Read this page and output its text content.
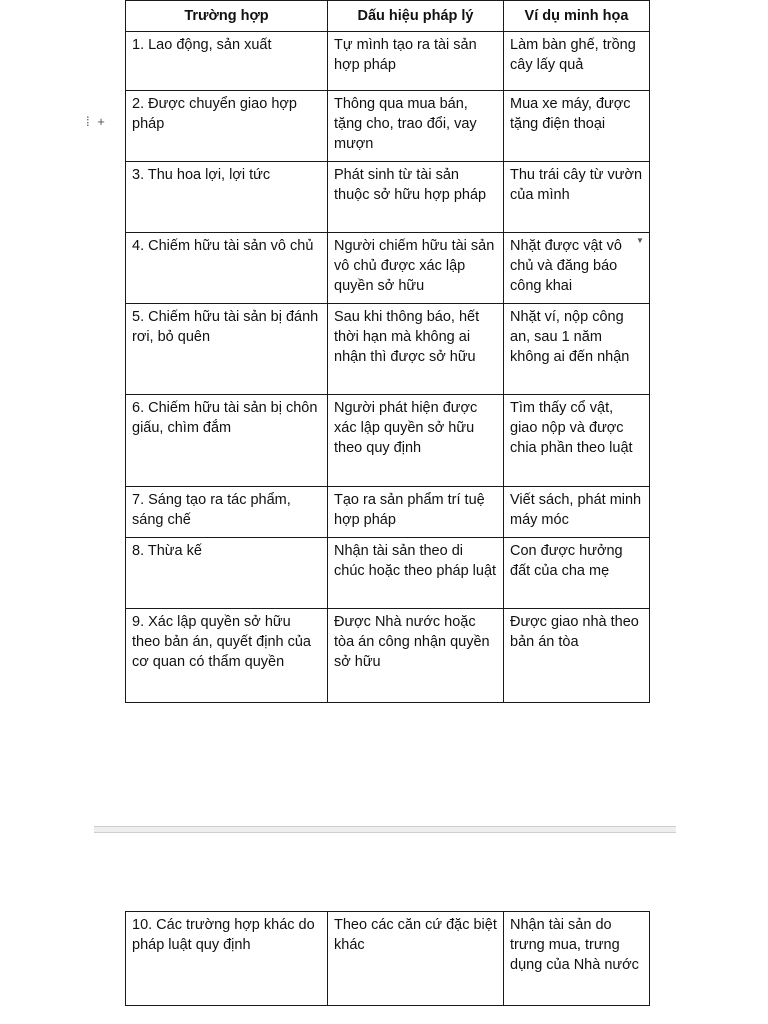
⁞ +
▼
Trường hợp	Dấu hiệu pháp lý	Ví dụ minh họa
1. Lao động, sản xuất	Tự mình tạo ra tài sản hợp pháp	Làm bàn ghế, trồng cây lấy quả
2. Được chuyển giao hợp pháp	Thông qua mua bán, tặng cho, trao đổi, vay mượn	Mua xe máy, được tặng điện thoại
3. Thu hoa lợi, lợi tức	Phát sinh từ tài sản thuộc sở hữu hợp pháp	Thu trái cây từ vườn của mình
4. Chiếm hữu tài sản vô chủ	Người chiếm hữu tài sản vô chủ được xác lập quyền sở hữu	Nhặt được vật vô chủ và đăng báo công khai
5. Chiếm hữu tài sản bị đánh rơi, bỏ quên	Sau khi thông báo, hết thời hạn mà không ai nhận thì được sở hữu	Nhặt ví, nộp công an, sau 1 năm không ai đến nhận
6. Chiếm hữu tài sản bị chôn giấu, chìm đắm	Người phát hiện được xác lập quyền sở hữu theo quy định	Tìm thấy cổ vật, giao nộp và được chia phần theo luật
7. Sáng tạo ra tác phẩm, sáng chế	Tạo ra sản phẩm trí tuệ hợp pháp	Viết sách, phát minh máy móc
8. Thừa kế	Nhận tài sản theo di chúc hoặc theo pháp luật	Con được hưởng đất của cha mẹ
9. Xác lập quyền sở hữu theo bản án, quyết định của cơ quan có thẩm quyền	Được Nhà nước hoặc tòa án công nhận quyền sở hữu	Được giao nhà theo bản án tòa
10. Các trường hợp khác do pháp luật quy định	Theo các căn cứ đặc biệt khác	Nhận tài sản do trưng mua, trưng dụng của Nhà nước
